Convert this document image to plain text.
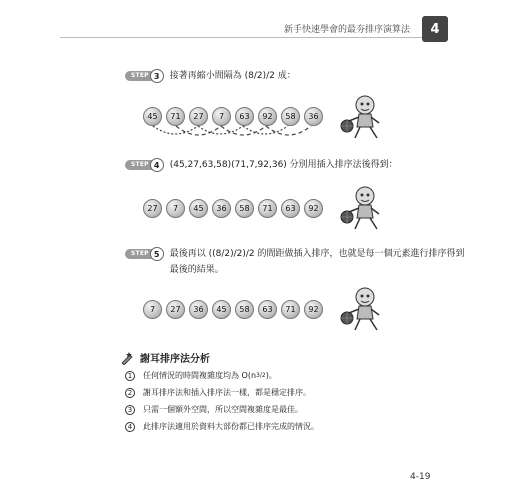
新手快速學會的最夯排序演算法	4
STEP 3	接著再縮小間隔為 (8/2)/2 成：
45	71	27	7	63	92	58	36
STEP 4	(45,27,63,58)(71,7,92,36) 分別用插入排序法後得到：
27	7	45	36	58	71	63	92
STEP 5	最後再以 ((8/2)/2)/2 的間距做插入排序，也就是每一個元素進行排序得到
最後的結果。
7	27	36	45	58	63	71	92
謝耳排序法分析
1	任何情況的時間複雜度均為 O(n 3/2 )。
2	謝耳排序法和插入排序法一樣，都是穩定排序。
3	只需一個額外空間，所以空間複雜度是最佳。
4	此排序法適用於資料大部份都已排序完成的情況。
4-19
